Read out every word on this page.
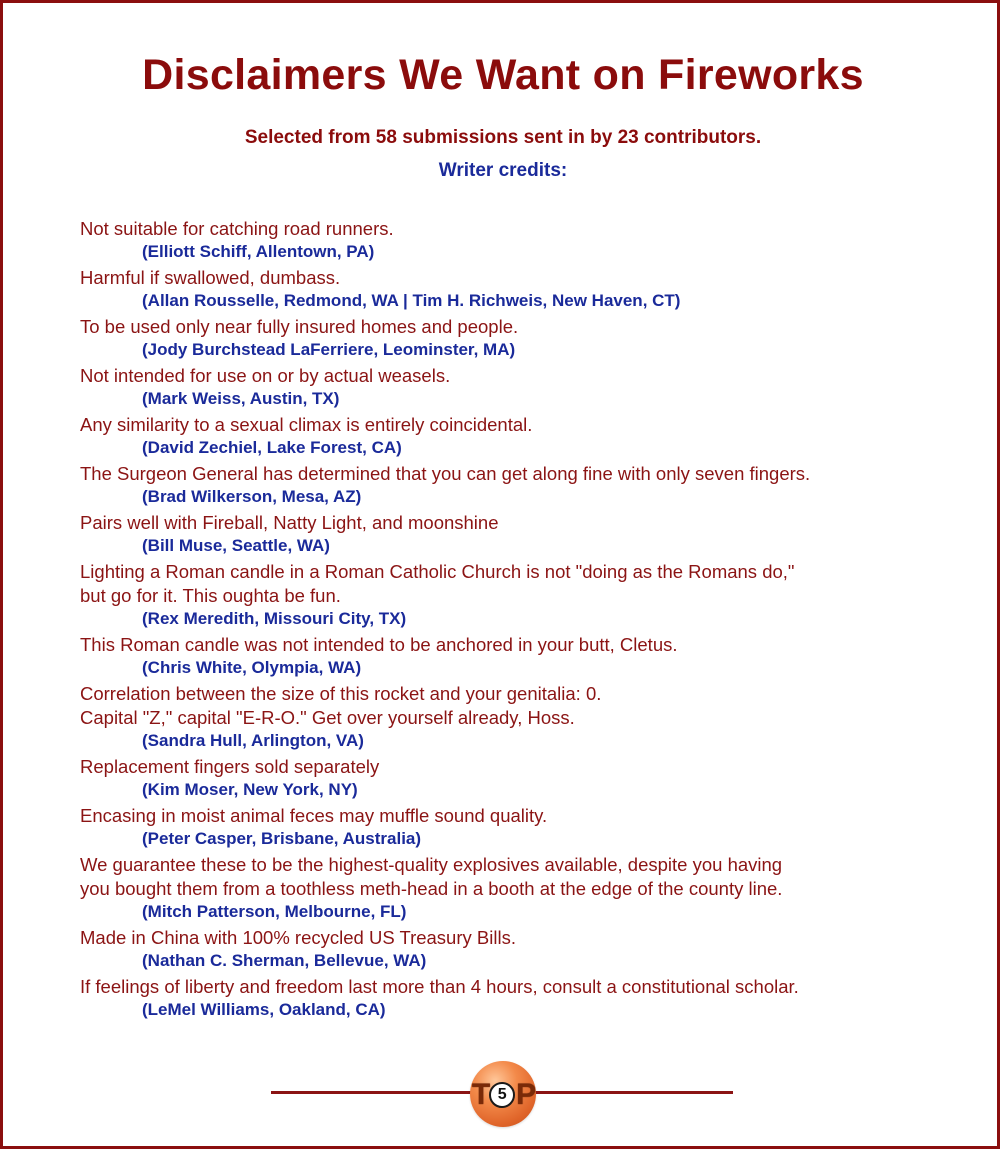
Disclaimers We Want on Fireworks
Selected from 58 submissions sent in by 23 contributors.
Writer credits:
Not suitable for catching road runners.
(Elliott Schiff, Allentown, PA)
Harmful if swallowed, dumbass.
(Allan Rousselle, Redmond, WA | Tim H. Richweis, New Haven, CT)
To be used only near fully insured homes and people.
(Jody Burchstead LaFerriere, Leominster, MA)
Not intended for use on or by actual weasels.
(Mark Weiss, Austin, TX)
Any similarity to a sexual climax is entirely coincidental.
(David Zechiel, Lake Forest, CA)
The Surgeon General has determined that you can get along fine with only seven fingers.
(Brad Wilkerson, Mesa, AZ)
Pairs well with Fireball, Natty Light, and moonshine
(Bill Muse, Seattle, WA)
Lighting a Roman candle in a Roman Catholic Church is not "doing as the Romans do,"
but go for it. This oughta be fun.
(Rex Meredith, Missouri City, TX)
This Roman candle was not intended to be anchored in your butt, Cletus.
(Chris White, Olympia, WA)
Correlation between the size of this rocket and your genitalia: 0.
Capital "Z," capital "E-R-O." Get over yourself already, Hoss.
(Sandra Hull, Arlington, VA)
Replacement fingers sold separately
(Kim Moser, New York, NY)
Encasing in moist animal feces may muffle sound quality.
(Peter Casper, Brisbane, Australia)
We guarantee these to be the highest-quality explosives available, despite you having
you bought them from a toothless meth-head in a booth at the edge of the county line.
(Mitch Patterson, Melbourne, FL)
Made in China with 100% recycled US Treasury Bills.
(Nathan C. Sherman, Bellevue, WA)
If feelings of liberty and freedom last more than 4 hours, consult a constitutional scholar.
(LeMel Williams, Oakland, CA)
T 5 P
